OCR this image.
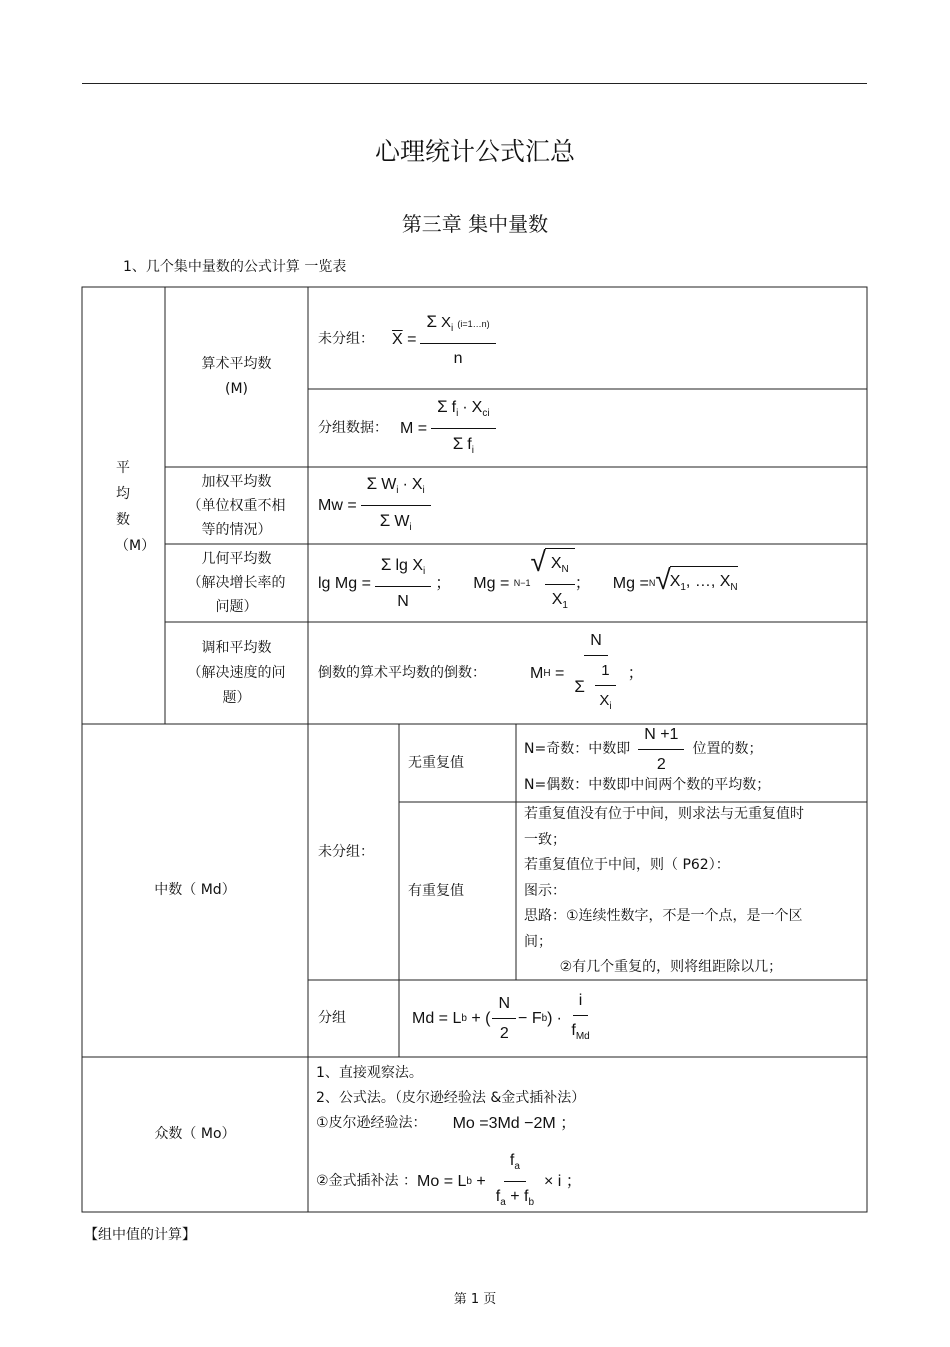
心理统计公式汇总
第三章 集中量数
1、几个集中量数的公式计算 一览表
平均数（M）
算术平均数
(M)
未分组： $\overline{X} = \frac{\Sigma X_i (i=1\dots n)}{n}$
分组数据： $M = \frac{\Sigma f_i \cdot X_{ci}}{\Sigma f_i}$
加权平均数
（单位权重不相等的情况）
$Mw = \frac{\Sigma W_i \cdot X_i}{\Sigma W_i}$
几何平均数
（解决增长率的问题）
$\lg Mg = \frac{\Sigma \lg X_i}{N}$ ； Mg = N−1
√ $\frac{X_N}{X_1}$ ； Mg = N √ $X_1$, …, $X_N$
调和平均数
（解决速度的问题）
倒数的算术平均数的倒数：	M $H = \frac{N}{\Sigma \frac{1}{X_i}}$ ；
中数（ Md）
未分组：
无重复值
N=奇数：中数即 $\frac{N +1}{2}$ 位置的数；
N=偶数：中数即中间两个数的平均数；
有重复值
若重复值没有位于中间，则求法与无重复值时
一致；
若重复值位于中间，则（ P62）：
图示：
思路：①连续性数字，不是一个点，是一个区
间；
②有几个重复的，则将组距除以几；
分组	Md = L b + ( $\frac{N}{2} - F$ b ) ∙ $\frac{i}{f_{Md}}$
众数（ Mo）
1、直接观察法。
2、公式法。（皮尔逊经验法 &金式插补法）
①皮尔逊经验法： Mo =3Md −2M ；
②金式插补法 ： Mo = L $b + \frac{f_a}{f_a + f_b} \times i$ ；
【组中值的计算】
第 1 页
